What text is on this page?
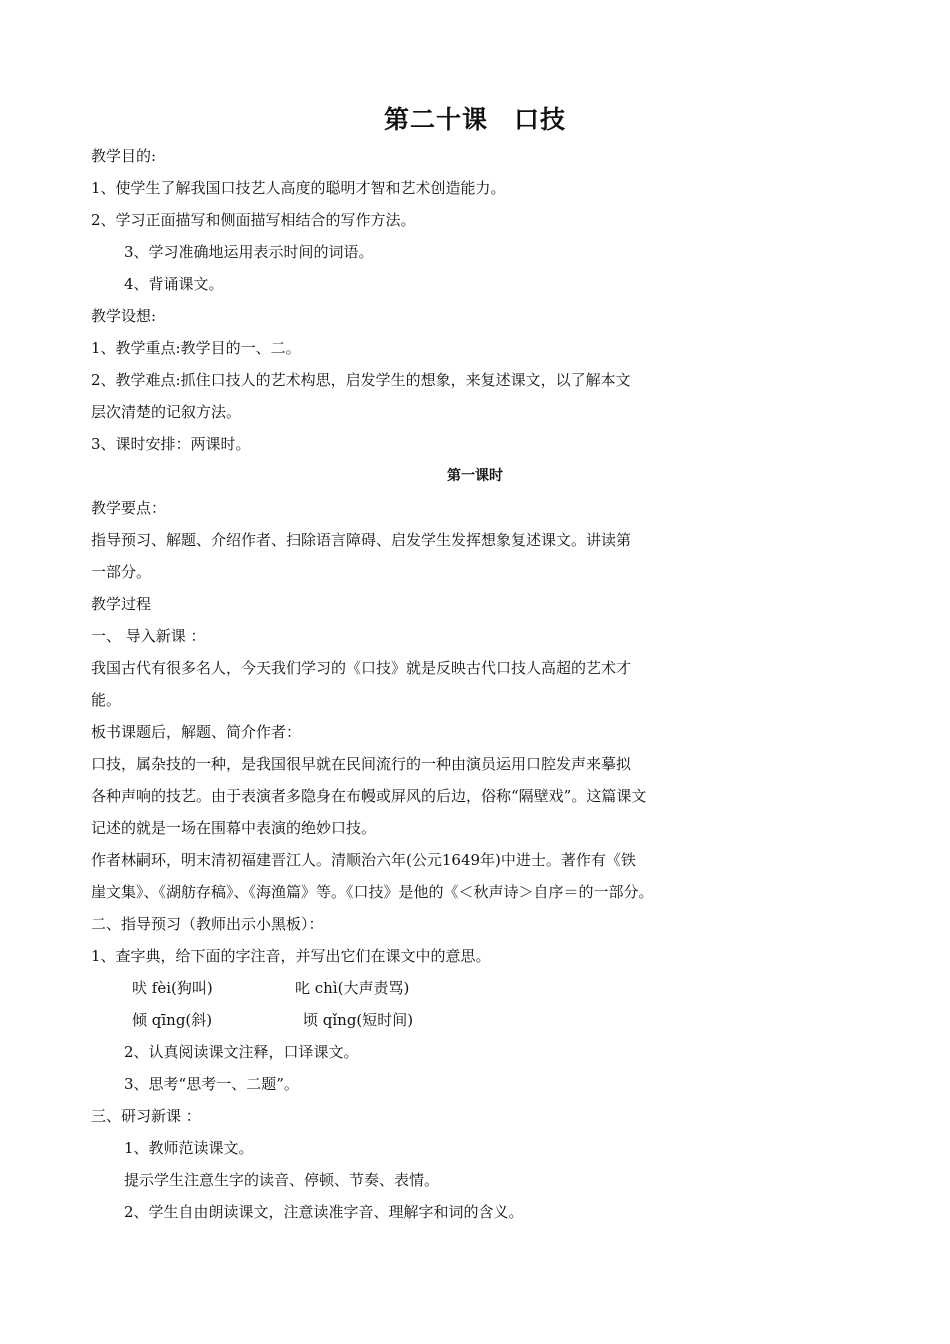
第二十课 口技
教学目的:
1、使学生了解我国口技艺人高度的聪明才智和艺术创造能力。
2、学习正面描写和侧面描写相结合的写作方法。
3、学习准确地运用表示时间的词语。
4、背诵课文。
教学设想:
1、教学重点:教学目的一、二。
2、教学难点:抓住口技人的艺术构思，启发学生的想象，来复述课文，以了解本文
层次清楚的记叙方法。
3、课时安排：两课时。
第一课时
教学要点：
指导预习、解题、介绍作者、扫除语言障碍、启发学生发挥想象复述课文。讲读第
一部分。
教学过程
一、 导入新课 ：
我国古代有很多名人，今天我们学习的《口技》就是反映古代口技人高超的艺术才
能。
板书课题后，解题、简介作者：
口技，属杂技的一种，是我国很早就在民间流行的一种由演员运用口腔发声来摹拟
各种声响的技艺。由于表演者多隐身在布幔或屏风的后边，俗称“隔壁戏”。这篇课文
记述的就是一场在围幕中表演的绝妙口技。
作者林嗣环，明末清初福建晋江人。清顺治六年(公元1649年)中进士。著作有《铁
崖文集》、《湖舫存稿》、《海渔篇》等。《口技》是他的《＜秋声诗＞自序＝的一部分。
二、指导预习（教师出示小黑板）：
1、查字典，给下面的字注音，并写出它们在课文中的意思。
吠 fèi(狗叫)	叱 chì(大声责骂)
倾 qīng(斜)	顷 qǐng(短时间)
2、认真阅读课文注释，口译课文。
3、思考“思考一、二题”。
三、研习新课 ：
1、教师范读课文。
提示学生注意生字的读音、停顿、节奏、表情。
2、学生自由朗读课文，注意读准字音、理解字和词的含义。
